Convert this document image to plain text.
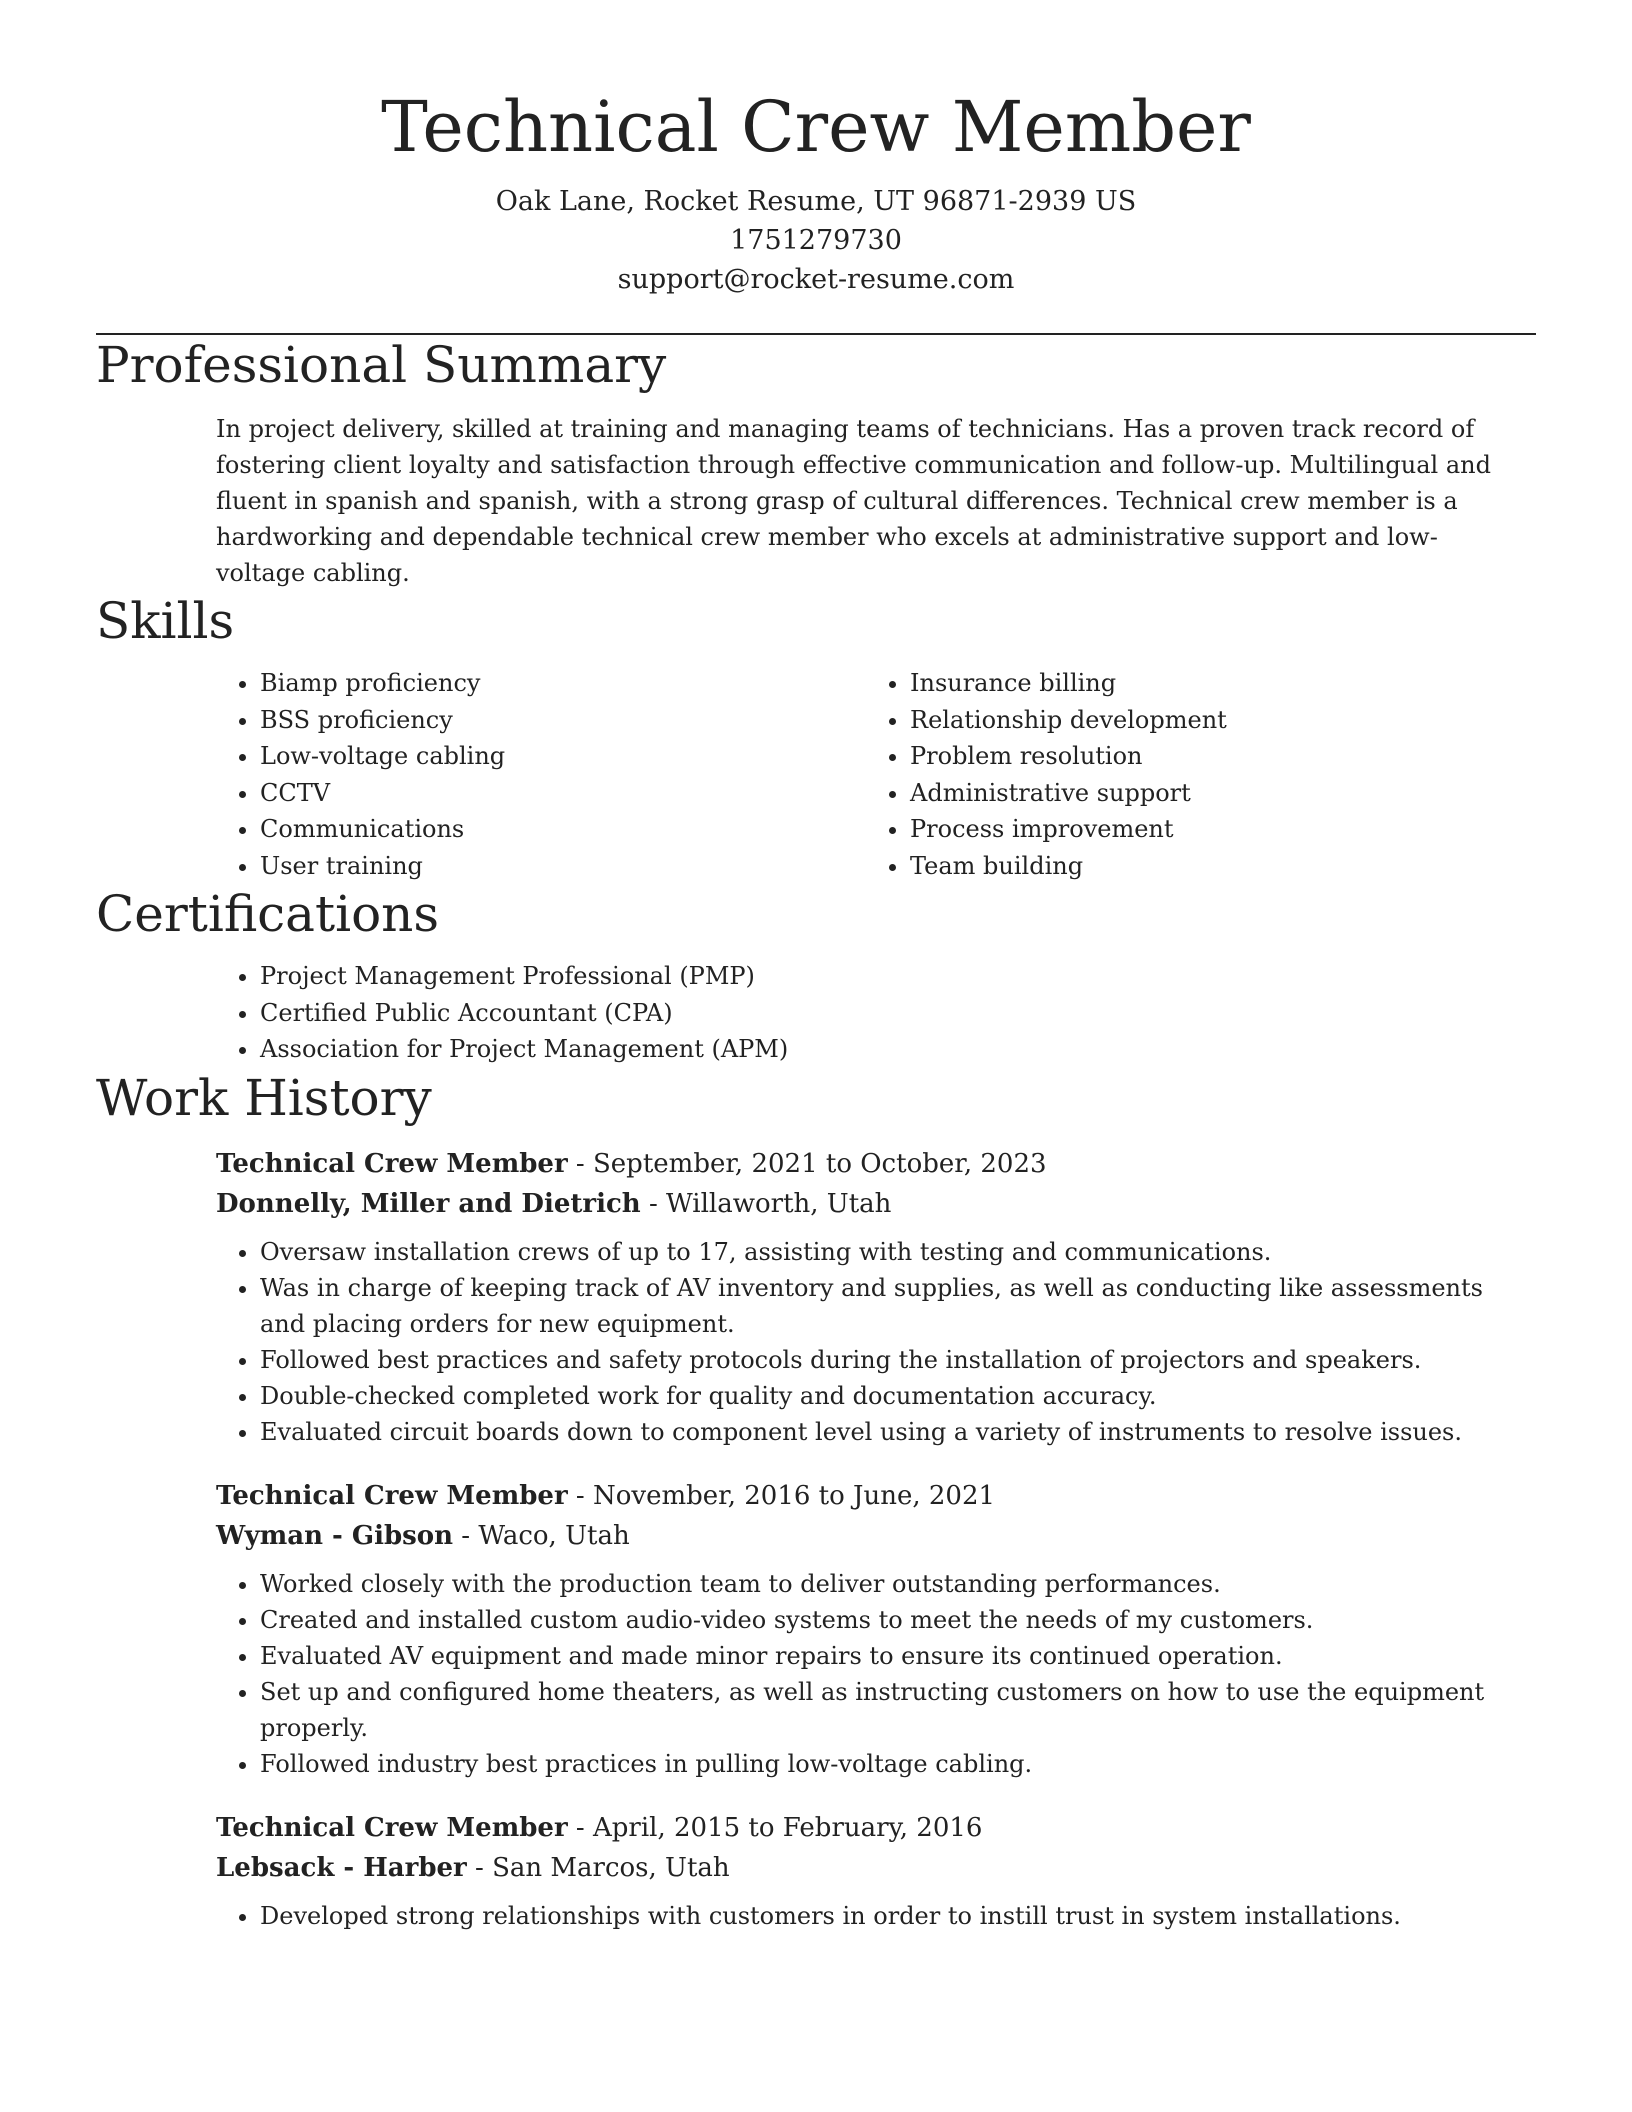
Technical Crew Member
Oak Lane, Rocket Resume, UT 96871-2939 US
1751279730
support@rocket-resume.com
Professional Summary

In project delivery, skilled at training and managing teams of technicians. Has a proven track record of fostering client loyalty and satisfaction through effective communication and follow-up. Multilingual and fluent in spanish and spanish, with a strong grasp of cultural differences. Technical crew member is a hardworking and dependable technical crew member who excels at administrative support and low-voltage cabling.

Skills
• Biamp proficiency
• BSS proficiency
• Low-voltage cabling
• CCTV
• Communications
• User training
• Insurance billing
• Relationship development
• Problem resolution
• Administrative support
• Process improvement
• Team building
Certifications
• Project Management Professional (PMP)
• Certified Public Accountant (CPA)
• Association for Project Management (APM)
Work History
Technical Crew Member - September, 2021 to October, 2023
Donnelly, Miller and Dietrich - Willaworth, Utah
• Oversaw installation crews of up to 17, assisting with testing and communications.
• Was in charge of keeping track of AV inventory and supplies, as well as conducting like assessments and placing orders for new equipment.
• Followed best practices and safety protocols during the installation of projectors and speakers.
• Double-checked completed work for quality and documentation accuracy.
• Evaluated circuit boards down to component level using a variety of instruments to resolve issues.
Technical Crew Member - November, 2016 to June, 2021
Wyman - Gibson - Waco, Utah
• Worked closely with the production team to deliver outstanding performances.
• Created and installed custom audio-video systems to meet the needs of my customers.
• Evaluated AV equipment and made minor repairs to ensure its continued operation.
• Set up and configured home theaters, as well as instructing customers on how to use the equipment properly.
• Followed industry best practices in pulling low-voltage cabling.
Technical Crew Member - April, 2015 to February, 2016
Lebsack - Harber - San Marcos, Utah
• Developed strong relationships with customers in order to instill trust in system installations.
